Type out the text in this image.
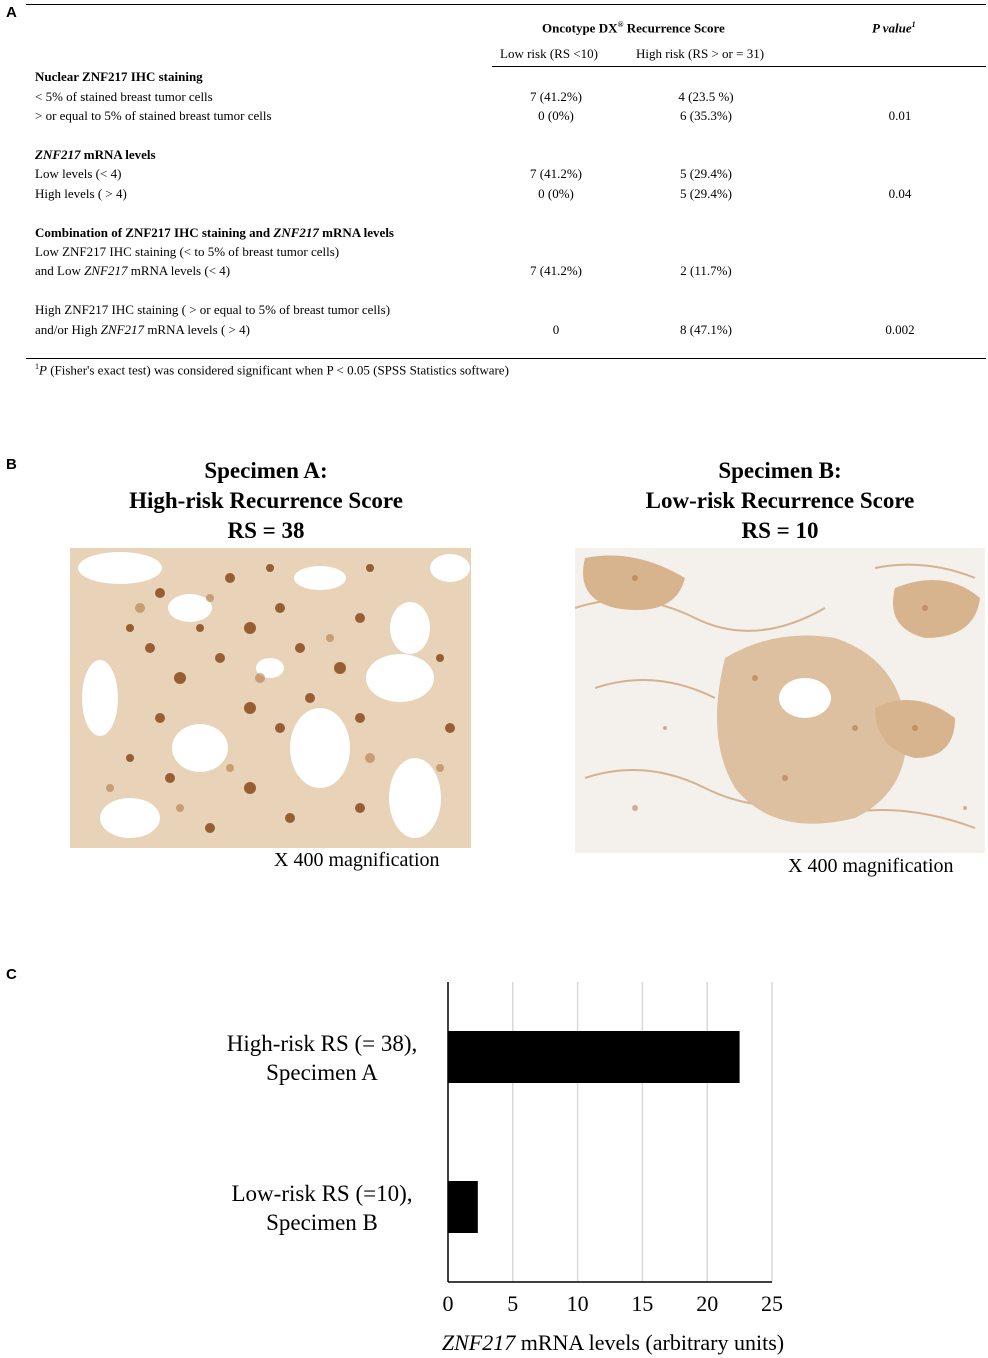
A
Oncotype DX® Recurrence Score	P value$^1$
Low risk (RS <10)	High risk (RS > or = 31)
Nuclear ZNF217 IHC staining
< 5% of stained breast tumor cells	7 (41.2%)	4 (23.5 %)
> or equal to 5% of stained breast tumor cells	0 (0%)	6 (35.3%)	0.01
ZNF217 mRNA levels
Low levels (< 4)	7 (41.2%)	5 (29.4%)
High levels ( > 4)	0 (0%)	5 (29.4%)	0.04
Combination of ZNF217 IHC staining and ZNF217 mRNA levels
Low ZNF217 IHC staining (< to 5% of breast tumor cells)
and Low ZNF217 mRNA levels (< 4)	7 (41.2%)	2 (11.7%)
High ZNF217 IHC staining ( > or equal to 5% of breast tumor cells)
and/or High ZNF217 mRNA levels ( > 4)	0	8 (47.1%)	0.002
$^1$P (Fisher's exact test) was considered significant when P < 0.05 (SPSS Statistics software)
B	Specimen A:
High-risk Recurrence Score
RS = 38
Specimen B:
Low-risk Recurrence Score
RS = 10
X 400 magnification	X 400 magnification
C
0 5 10 15 20 25
High-risk RS (= 38), Specimen A
Low-risk RS (=10), Specimen B
ZNF217 mRNA levels (arbitrary units)
